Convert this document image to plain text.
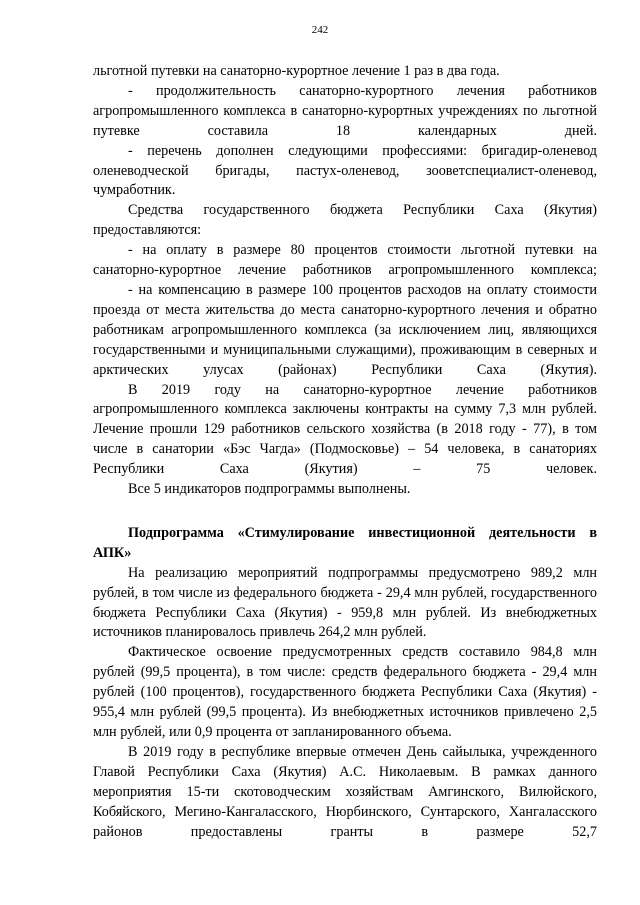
242

льготной путевки на санаторно-курортное лечение 1 раз в два года.

- продолжительность санаторно-курортного лечения работников агропромышленного комплекса в санаторно-курортных учреждениях по льготной путевке составила 18 календарных дней.

- перечень дополнен следующими профессиями: бригадир-оленевод оленеводческой бригады, пастух-оленевод, зооветспециалист-оленевод, чумработник.

Средства государственного бюджета Республики Саха (Якутия) предоставляются:

- на оплату в размере 80 процентов стоимости льготной путевки на санаторно-курортное лечение работников агропромышленного комплекса;

- на компенсацию в размере 100 процентов расходов на оплату стоимости проезда от места жительства до места санаторно-курортного лечения и обратно работникам агропромышленного комплекса (за исключением лиц, являющихся государственными и муниципальными служащими), проживающим в северных и арктических улусах (районах) Республики Саха (Якутия).

В 2019 году на санаторно-курортное лечение работников агропромышленного комплекса заключены контракты на сумму 7,3 млн рублей. Лечение прошли 129 работников сельского хозяйства (в 2018 году - 77), в том числе в санатории «Бэс Чагда» (Подмосковье) – 54 человека, в санаториях Республики Саха (Якутия) – 75 человек.

Все 5 индикаторов подпрограммы выполнены.

Подпрограмма «Стимулирование инвестиционной деятельности в АПК»

На реализацию мероприятий подпрограммы предусмотрено 989,2 млн рублей, в том числе из федерального бюджета - 29,4 млн рублей, государственного бюджета Республики Саха (Якутия) - 959,8 млн рублей. Из внебюджетных источников планировалось привлечь 264,2 млн рублей.

Фактическое освоение предусмотренных средств составило 984,8 млн рублей (99,5 процента), в том числе: средств федерального бюджета - 29,4 млн рублей (100 процентов), государственного бюджета Республики Саха (Якутия) - 955,4 млн рублей (99,5 процента). Из внебюджетных источников привлечено 2,5 млн рублей, или 0,9 процента от запланированного объема.

В 2019 году в республике впервые отмечен День сайылыка, учрежденного Главой Республики Саха (Якутия) А.С. Николаевым. В рамках данного мероприятия 15-ти скотоводческим хозяйствам Амгинского, Вилюйского, Кобяйского, Мегино-Кангаласского, Нюрбинского, Сунтарского, Хангаласского районов предоставлены гранты в размере 52,7
